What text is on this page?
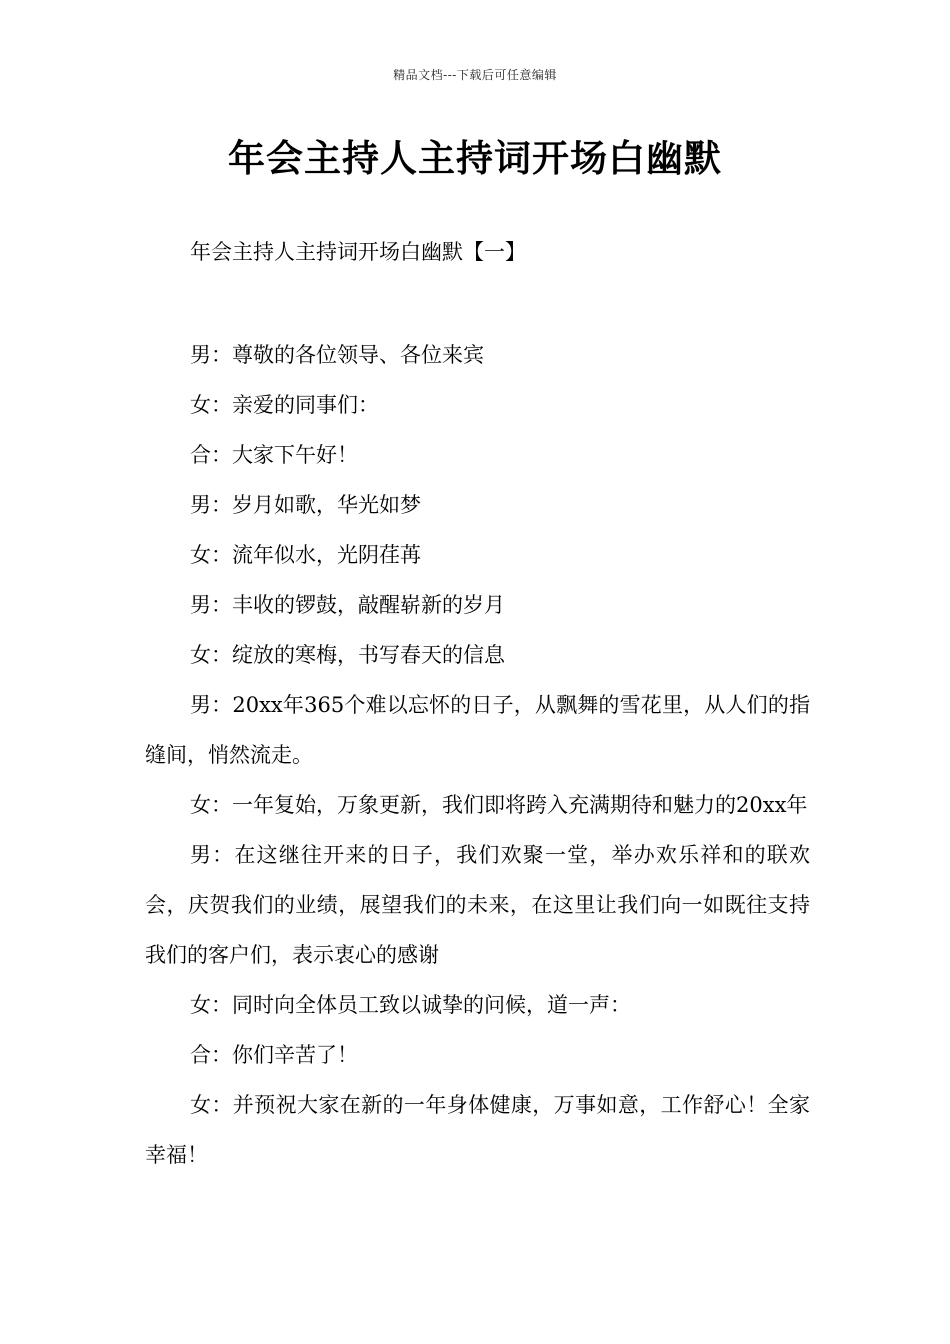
精品文档---下载后可任意编辑
年会主持人主持词开场白幽默
年会主持人主持词开场白幽默【一】

男：尊敬的各位领导、各位来宾

女：亲爱的同事们：

合：大家下午好！

男：岁月如歌，华光如梦

女：流年似水，光阴荏苒

男：丰收的锣鼓，敲醒崭新的岁月

女：绽放的寒梅，书写春天的信息

男：20xx年365个难以忘怀的日子，从飘舞的雪花里，从人们的指缝间，悄然流走。

女：一年复始，万象更新，我们即将跨入充满期待和魅力的20xx年

男：在这继往开来的日子，我们欢聚一堂，举办欢乐祥和的联欢会，庆贺我们的业绩，展望我们的未来，在这里让我们向一如既往支持我们的客户们，表示衷心的感谢

女：同时向全体员工致以诚挚的问候，道一声：

合：你们辛苦了！

女：并预祝大家在新的一年身体健康，万事如意，工作舒心！全家幸福！
